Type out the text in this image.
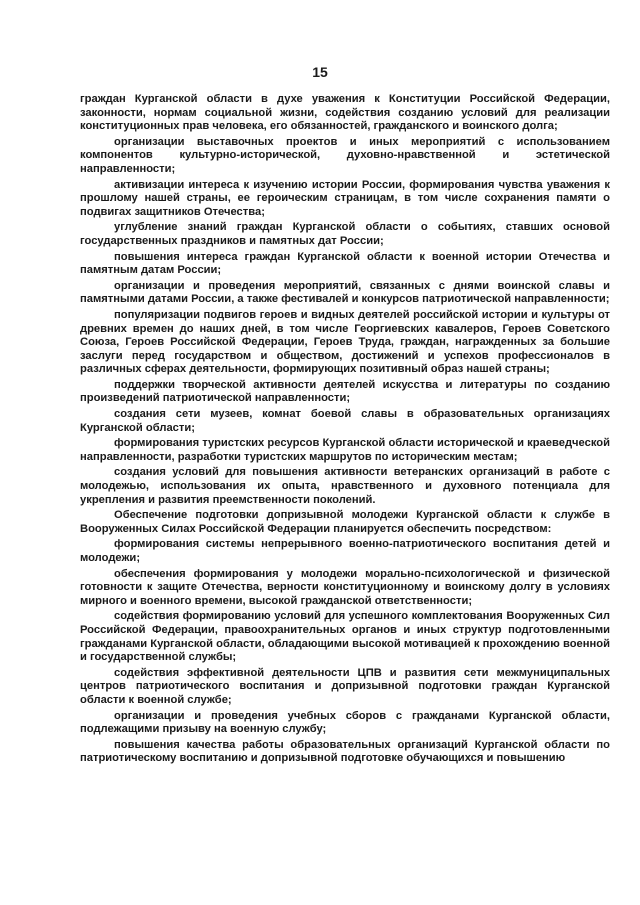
15

граждан Курганской области в духе уважения к Конституции Российской Федерации, законности, нормам социальной жизни, содействия созданию условий для реализации конституционных прав человека, его обязанностей, гражданского и воинского долга;

организации выставочных проектов и иных мероприятий с использованием компонентов культурно-исторической, духовно-нравственной и эстетической направленности;

активизации интереса к изучению истории России, формирования чувства уважения к прошлому нашей страны, ее героическим страницам, в том числе сохранения памяти о подвигах защитников Отечества;

углубление знаний граждан Курганской области о событиях, ставших основой государственных праздников и памятных дат России;

повышения интереса граждан Курганской области к военной истории Отечества и памятным датам России;

организации и проведения мероприятий, связанных с днями воинской славы и памятными датами России, а также фестивалей и конкурсов патриотической направленности;

популяризации подвигов героев и видных деятелей российской истории и культуры от древних времен до наших дней, в том числе Георгиевских кавалеров, Героев Советского Союза, Героев Российской Федерации, Героев Труда, граждан, награжденных за большие заслуги перед государством и обществом, достижений и успехов профессионалов в различных сферах деятельности, формирующих позитивный образ нашей страны;

поддержки творческой активности деятелей искусства и литературы по созданию произведений патриотической направленности;

создания сети музеев, комнат боевой славы в образовательных организациях Курганской области;

формирования туристских ресурсов Курганской области исторической и краеведческой направленности, разработки туристских маршрутов по историческим местам;

создания условий для повышения активности ветеранских организаций в работе с молодежью, использования их опыта, нравственного и духовного потенциала для укрепления и развития преемственности поколений.

Обеспечение подготовки допризывной молодежи Курганской области к службе в Вооруженных Силах Российской Федерации планируется обеспечить посредством:

формирования системы непрерывного военно-патриотического воспитания детей и молодежи;

обеспечения формирования у молодежи морально-психологической и физической готовности к защите Отечества, верности конституционному и воинскому долгу в условиях мирного и военного времени, высокой гражданской ответственности;

содействия формированию условий для успешного комплектования Вооруженных Сил Российской Федерации, правоохранительных органов и иных структур подготовленными гражданами Курганской области, обладающими высокой мотивацией к прохождению военной и государственной службы;

содействия эффективной деятельности ЦПВ и развития сети межмуниципальных центров патриотического воспитания и допризывной подготовки граждан Курганской области к военной службе;

организации и проведения учебных сборов с гражданами Курганской области, подлежащими призыву на военную службу;

повышения качества работы образовательных организаций Курганской области по патриотическому воспитанию и допризывной подготовке обучающихся и повышению
